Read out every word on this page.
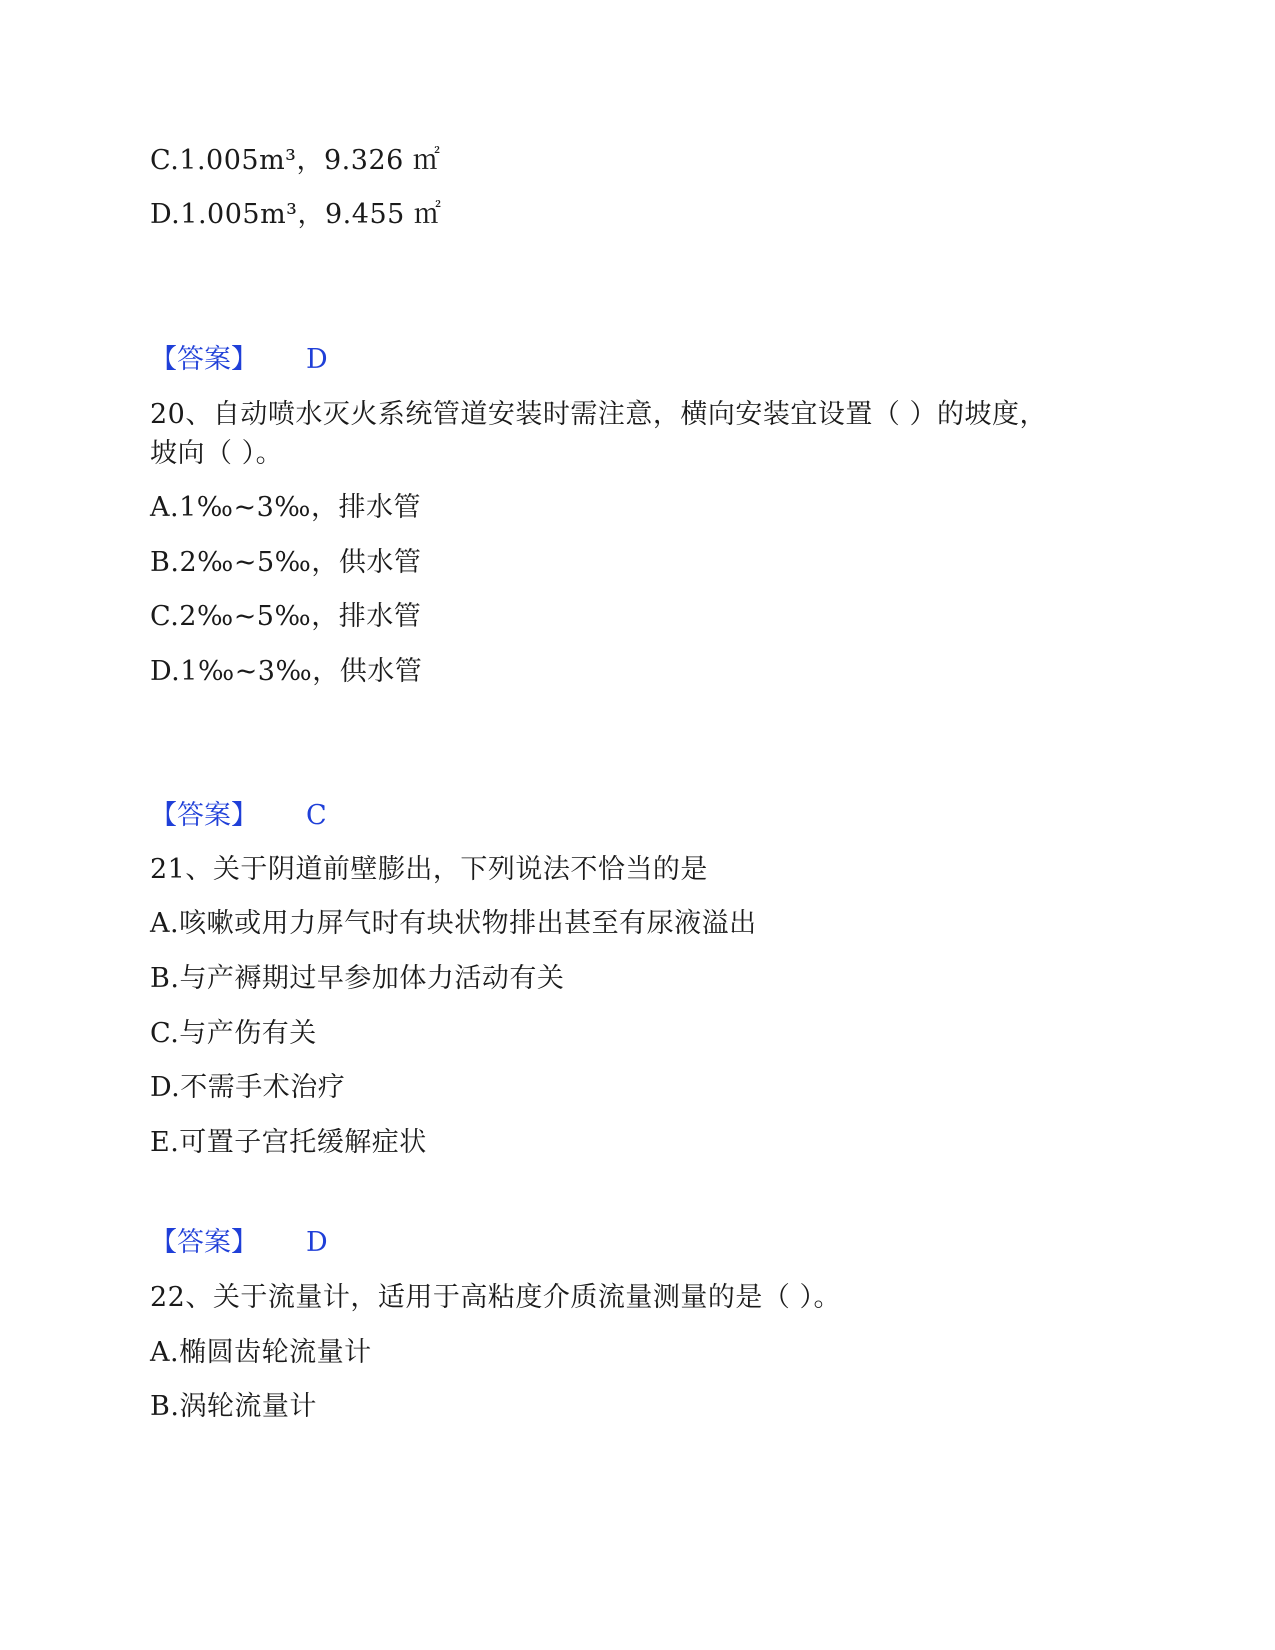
C.1.005m³，9.326 ㎡
D.1.005m³，9.455 ㎡
【答案】 D
20、自动喷水灭火系统管道安装时需注意，横向安装宜设置（ ）的坡度，
坡向（ ）。
A.1‰~3‰，排水管
B.2‰~5‰，供水管
C.2‰~5‰，排水管
D.1‰~3‰，供水管
【答案】 C
21、关于阴道前壁膨出，下列说法不恰当的是
A.咳嗽或用力屏气时有块状物排出甚至有尿液溢出
B.与产褥期过早参加体力活动有关
C.与产伤有关
D.不需手术治疗
E.可置子宫托缓解症状
【答案】 D
22、关于流量计，适用于高粘度介质流量测量的是（ ）。
A.椭圆齿轮流量计
B.涡轮流量计
